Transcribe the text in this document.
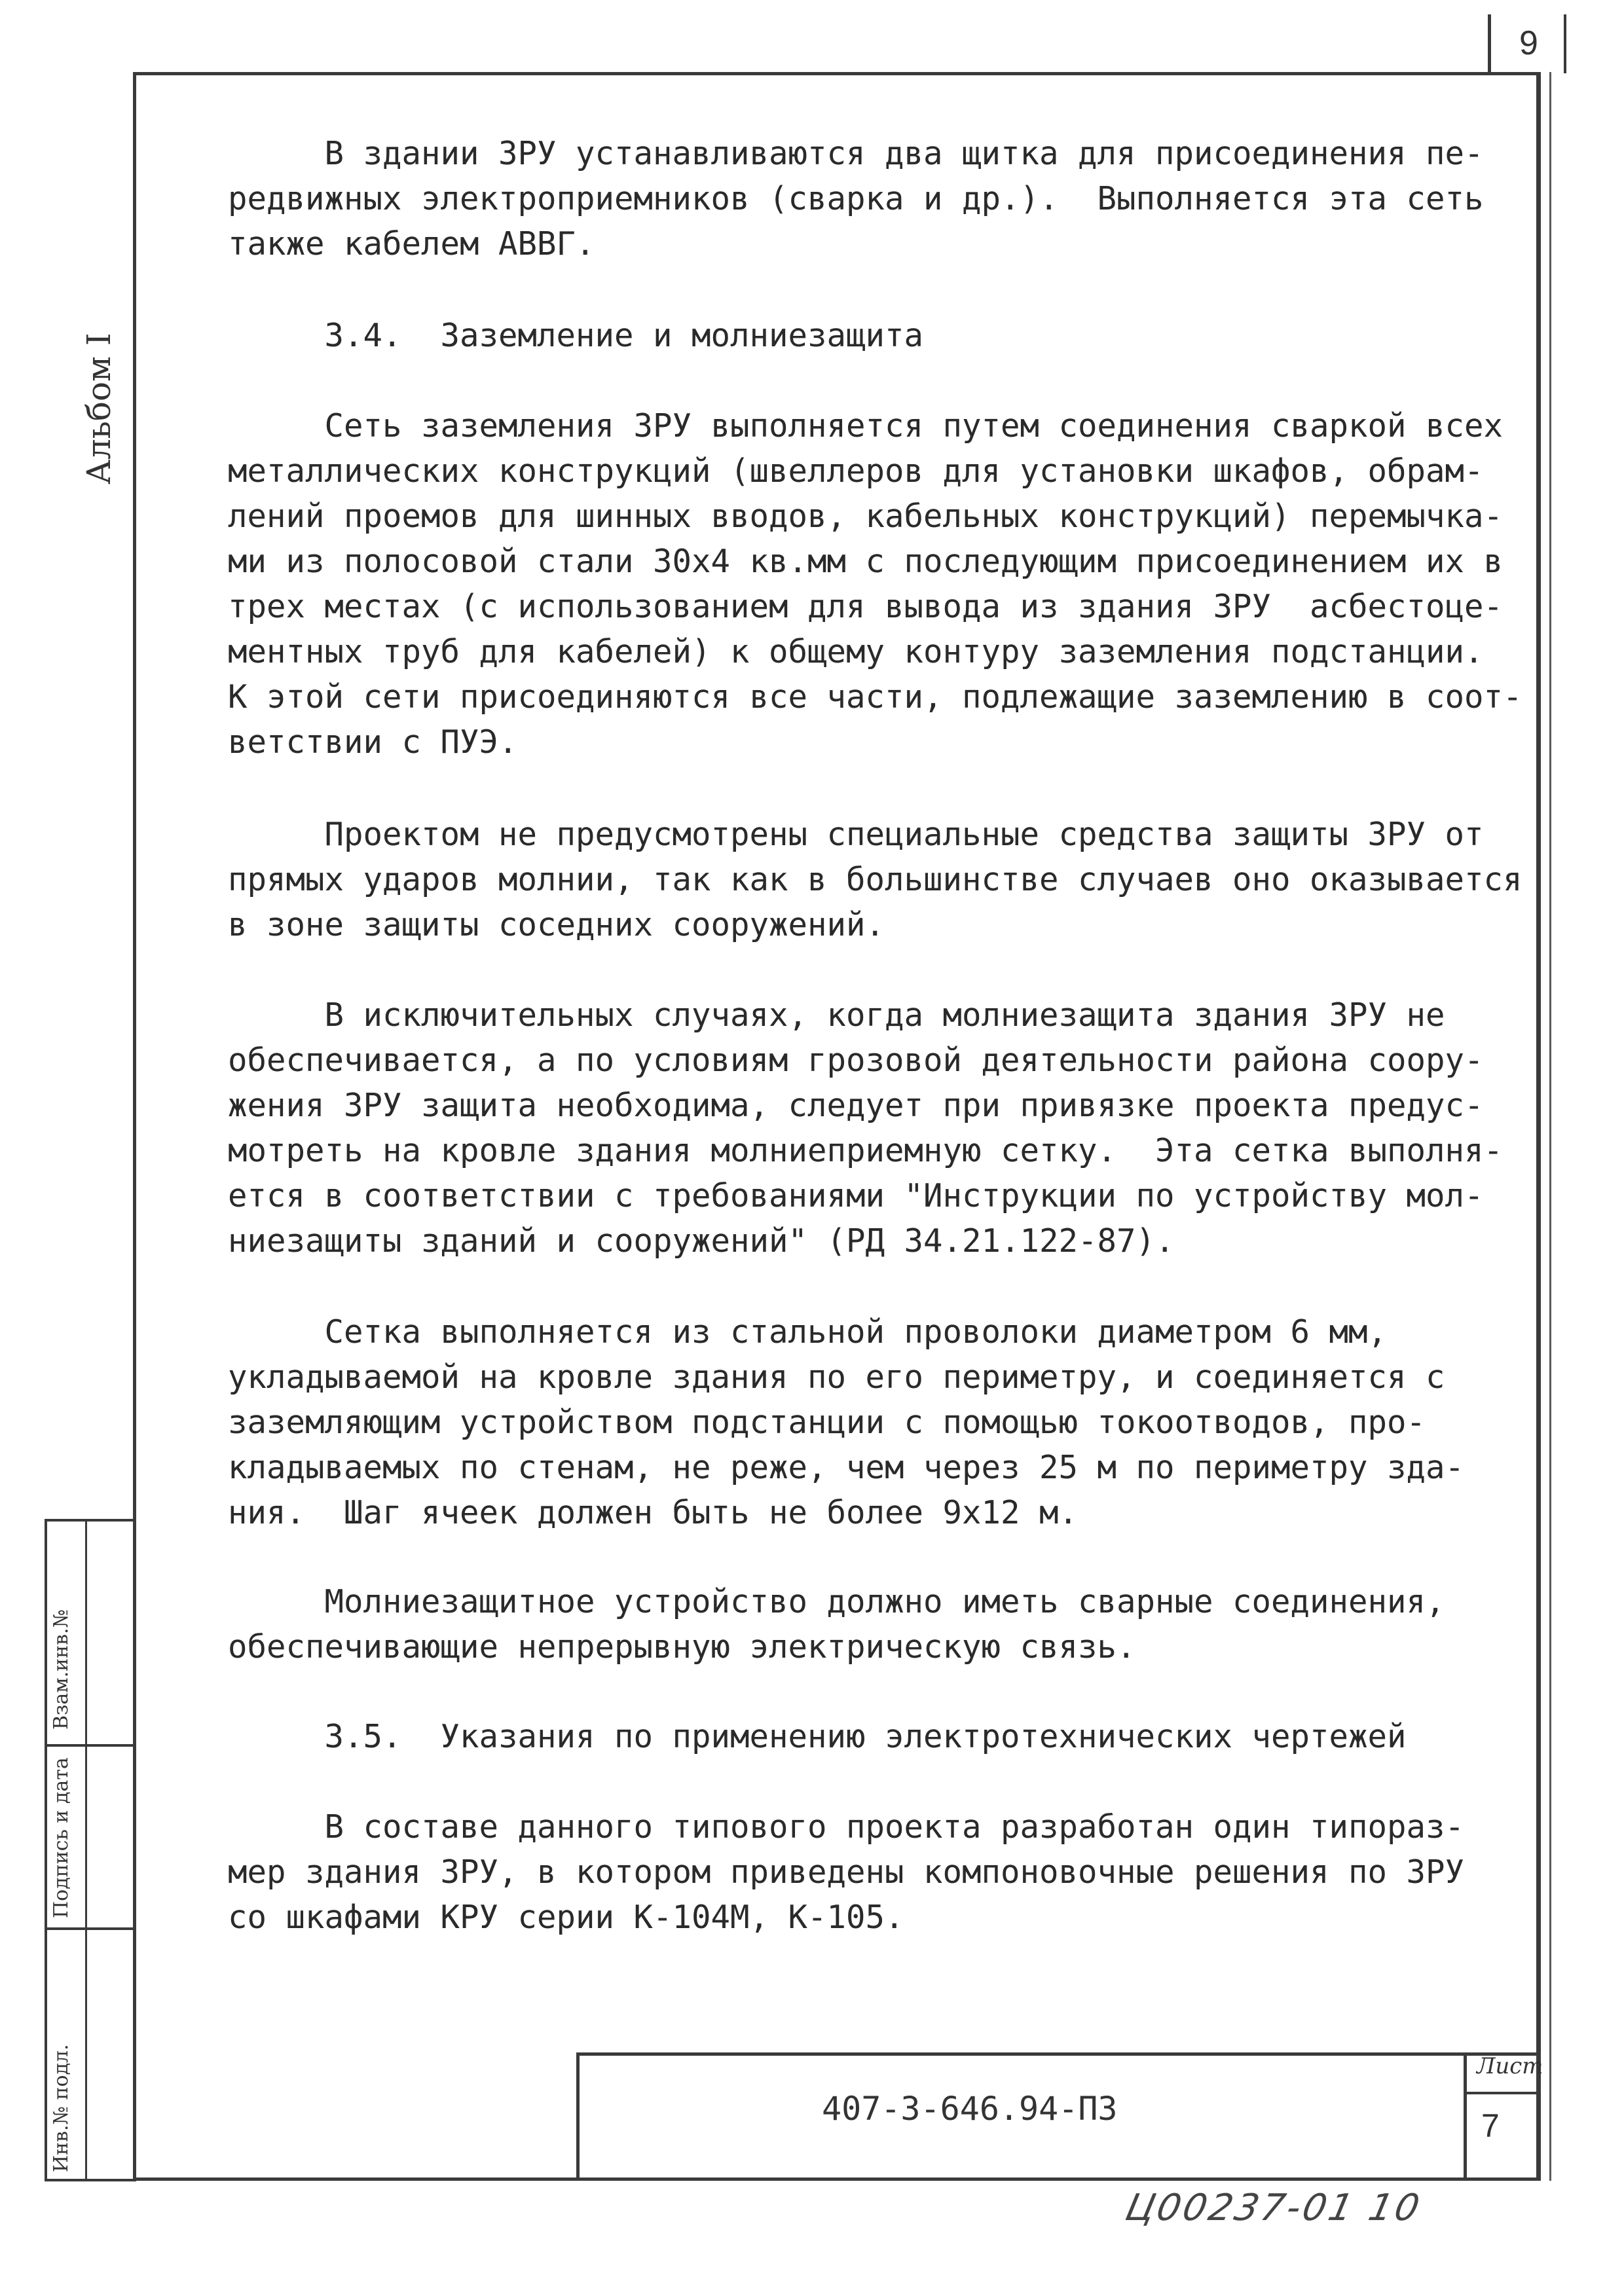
9
Альбом I
Взам.инв.№
Подпись и дата
Инв.№ подл.
В здании ЗРУ устанавливаются два щитка для присоединения пе-
редвижных электроприемников (сварка и др.).  Выполняется эта сеть
также кабелем АВВГ.
3.4.  Заземление и молниезащита
Сеть заземления ЗРУ выполняется путем соединения сваркой всех
металлических конструкций (швеллеров для установки шкафов, обрам-
лений проемов для шинных вводов, кабельных конструкций) перемычка-
ми из полосовой стали 30х4 кв.мм с последующим присоединением их в
трех местах (с использованием для вывода из здания ЗРУ  асбестоце-
ментных труб для кабелей) к общему контуру заземления подстанции.
К этой сети присоединяются все части, подлежащие заземлению в соот-
ветствии с ПУЭ.
Проектом не предусмотрены специальные средства защиты ЗРУ от
прямых ударов молнии, так как в большинстве случаев оно оказывается
в зоне защиты соседних сооружений.
В исключительных случаях, когда молниезащита здания ЗРУ не
обеспечивается, а по условиям грозовой деятельности района соору-
жения ЗРУ защита необходима, следует при привязке проекта предус-
мотреть на кровле здания молниеприемную сетку.  Эта сетка выполня-
ется в соответствии с требованиями "Инструкции по устройству мол-
ниезащиты зданий и сооружений" (РД 34.21.122-87).
Сетка выполняется из стальной проволоки диаметром 6 мм,
укладываемой на кровле здания по его периметру, и соединяется с
заземляющим устройством подстанции с помощью токоотводов, про-
кладываемых по стенам, не реже, чем через 25 м по периметру зда-
ния.  Шаг ячеек должен быть не более 9х12 м.
Молниезащитное устройство должно иметь сварные соединения,
обеспечивающие непрерывную электрическую связь.
3.5.  Указания по применению электротехнических чертежей
В составе данного типового проекта разработан один типораз-
мер здания ЗРУ, в котором приведены компоновочные решения по ЗРУ
со шкафами КРУ серии К-104М, К-105.
407-3-646.94-ПЗ
Лист
7
Ц00237-01 10
